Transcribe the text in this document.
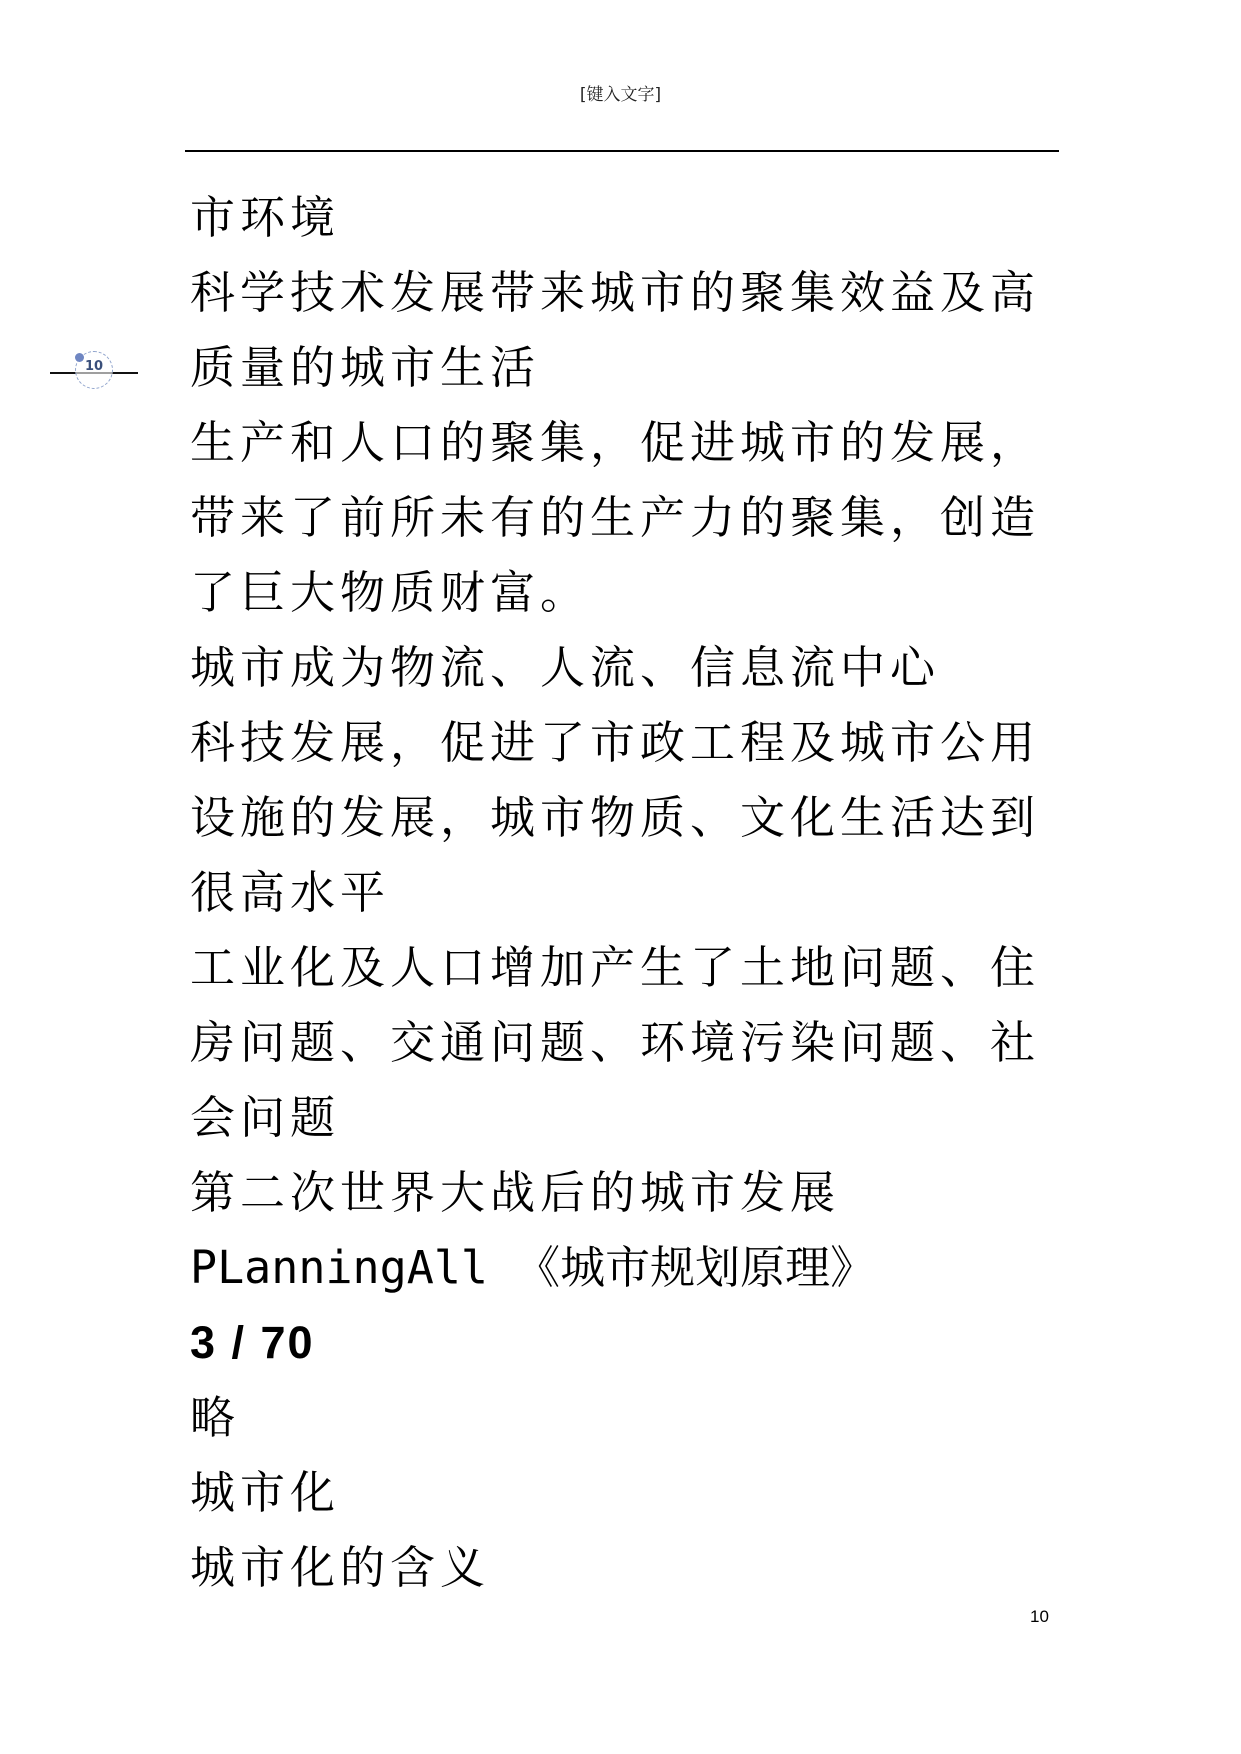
[键入文字]
10
市环境
科学技术发展带来城市的聚集效益及高
质量的城市生活
生产和人口的聚集，促进城市的发展，
带来了前所未有的生产力的聚集，创造
了巨大物质财富。
城市成为物流、人流、信息流中心
科技发展，促进了市政工程及城市公用
设施的发展，城市物质、文化生活达到
很高水平
工业化及人口增加产生了土地问题、住
房问题、交通问题、环境污染问题、社
会问题
第二次世界大战后的城市发展
PLanningAll 《城市规划原理》
3 / 70
略
城市化
城市化的含义
10
